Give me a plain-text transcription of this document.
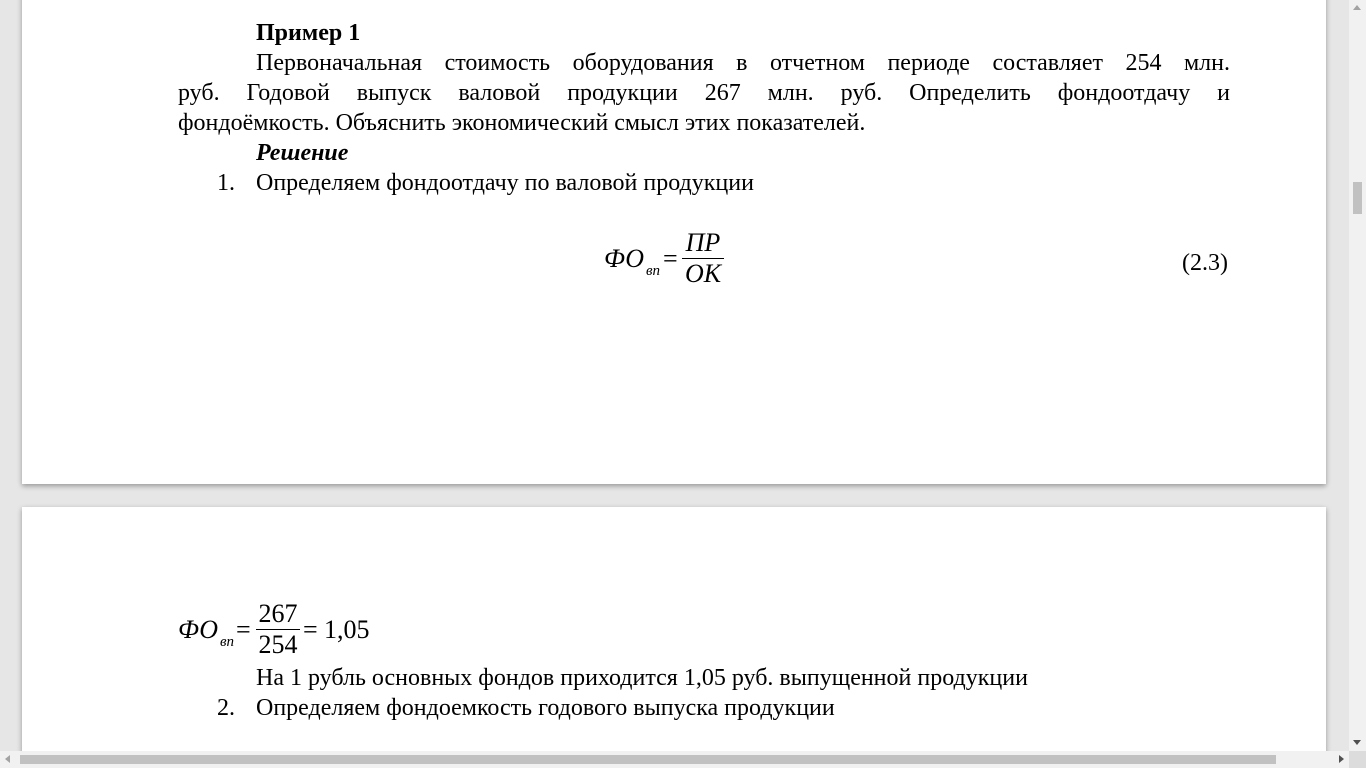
Пример 1
Первоначальная стоимость оборудования в отчетном периоде составляет 254 млн.
руб. Годовой выпуск валовой продукции 267 млн. руб. Определить фондоотдачу и
фондоёмкость. Объяснить экономический смысл этих показателей.
Решение
1. Определяем фондоотдачу по валовой продукции
ФО $_{вп}$ =
ПР
ОК	(2.3)
ФО $_{вп} = \frac{267}{254} = 1,05$
На 1 рубль основных фондов приходится 1,05 руб. выпущенной продукции
2. Определяем фондоемкость годового выпуска продукции
